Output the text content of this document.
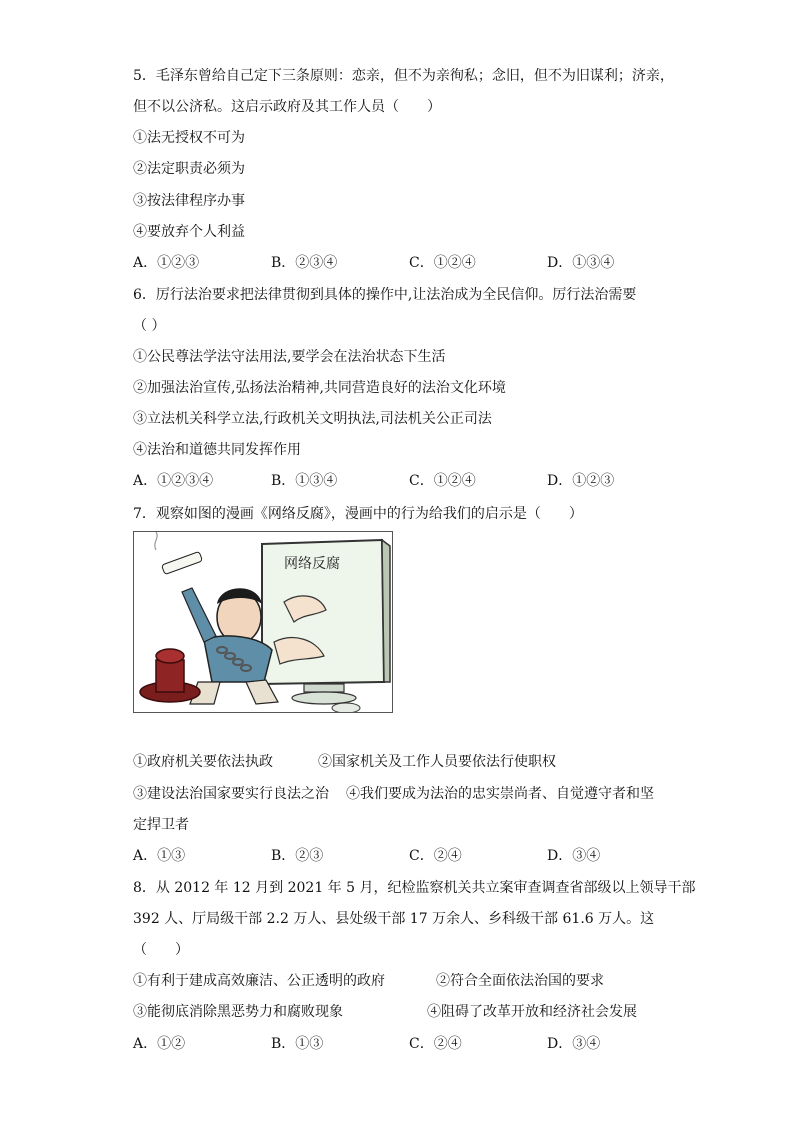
5．毛泽东曾给自己定下三条原则：恋亲，但不为亲徇私；念旧，但不为旧谋利；济亲，
但不以公济私。这启示政府及其工作人员（　　）
①法无授权不可为
②法定职责必须为
③按法律程序办事
④要放弃个人利益
A．①②③	B．②③④	C．①②④	D．①③④
6．厉行法治要求把法律贯彻到具体的操作中,让法治成为全民信仰。厉行法治需要
（ ）
①公民尊法学法守法用法,要学会在法治状态下生活
②加强法治宣传,弘扬法治精神,共同营造良好的法治文化环境
③立法机关科学立法,行政机关文明执法,司法机关公正司法
④法治和道德共同发挥作用
A．①②③④	B．①③④	C．①②④	D．①②③
7．观察如图的漫画《网络反腐》，漫画中的行为给我们的启示是（　　）
网络反腐
①政府机关要依法执政	②国家机关及工作人员要依法行使职权
③建设法治国家要实行良法之治 ④我们要成为法治的忠实崇尚者、自觉遵守者和坚
定捍卫者
A．①③	B．②③	C．②④	D．③④
8．从 2012 年 12 月到 2021 年 5 月，纪检监察机关共立案审查调查省部级以上领导干部
392 人、厅局级干部 2.2 万人、县处级干部 17 万余人、乡科级干部 61.6 万人。这
（　　）
①有利于建成高效廉洁、公正透明的政府	②符合全面依法治国的要求
③能彻底消除黑恶势力和腐败现象	④阻碍了改革开放和经济社会发展
A．①②	B．①③	C．②④	D．③④
